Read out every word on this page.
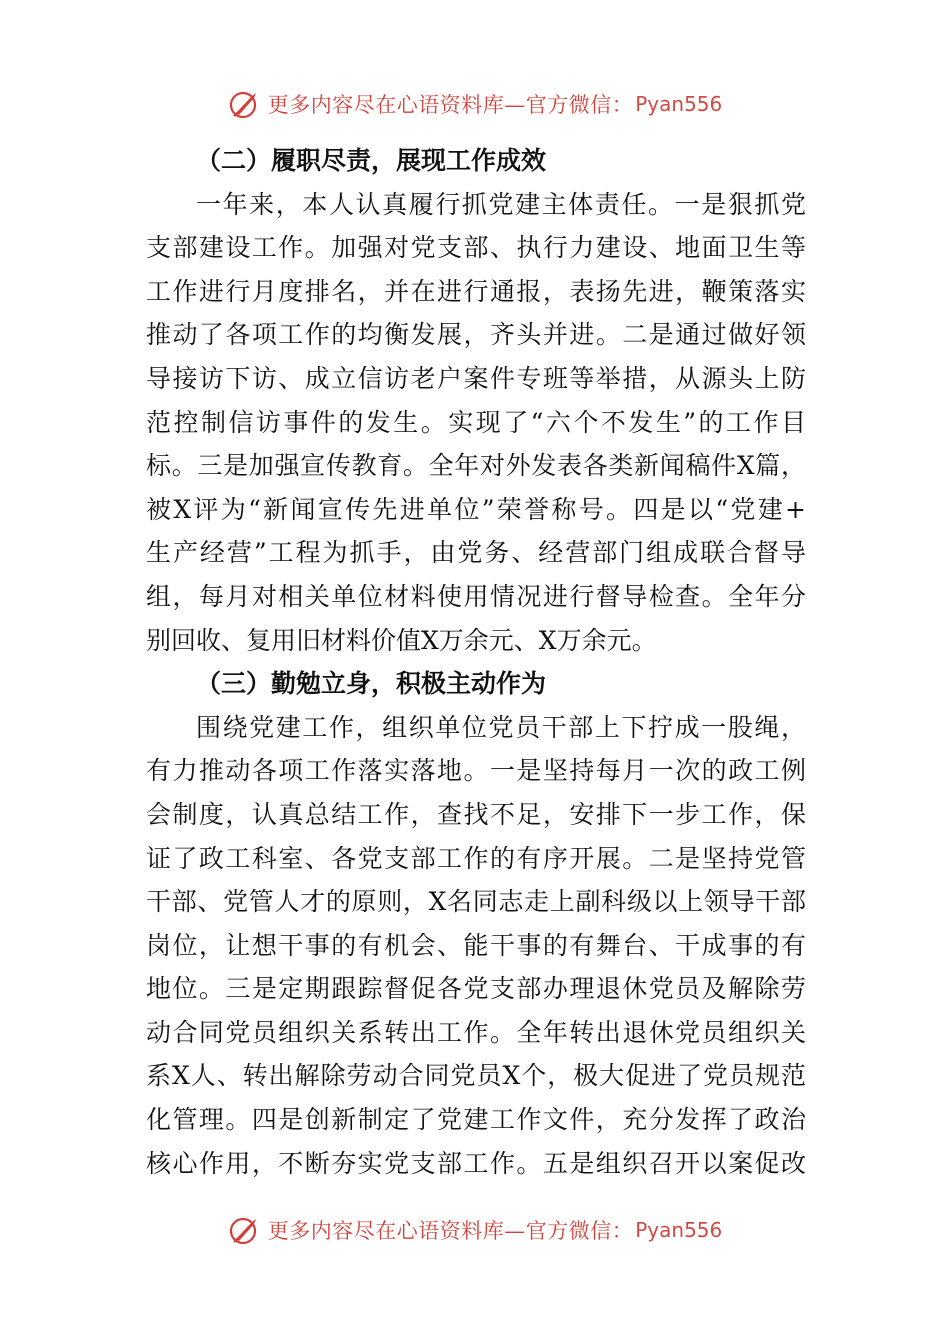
更多内容尽在心语资料库—官方微信： Pyan556
（二）履职尽责，展现工作成效
一年来，本人认真履行抓党建主体责任。一是狠抓党
支部建设工作。加强对党支部、执行力建设、地面卫生等
工作进行月度排名，并在进行通报，表扬先进，鞭策落实
推动了各项工作的均衡发展，齐头并进。二是通过做好领
导接访下访、成立信访老户案件专班等举措，从源头上防
范控制信访事件的发生。实现了“六个不发生”的工作目
标。三是加强宣传教育。全年对外发表各类新闻稿件X篇，
被X评为“新闻宣传先进单位”荣誉称号。四是以“党建+
生产经营”工程为抓手，由党务、经营部门组成联合督导
组，每月对相关单位材料使用情况进行督导检查。全年分
别回收、复用旧材料价值X万余元、X万余元。
（三）勤勉立身，积极主动作为
围绕党建工作，组织单位党员干部上下拧成一股绳，
有力推动各项工作落实落地。一是坚持每月一次的政工例
会制度，认真总结工作，查找不足，安排下一步工作，保
证了政工科室、各党支部工作的有序开展。二是坚持党管
干部、党管人才的原则，X名同志走上副科级以上领导干部
岗位，让想干事的有机会、能干事的有舞台、干成事的有
地位。三是定期跟踪督促各党支部办理退休党员及解除劳
动合同党员组织关系转出工作。全年转出退休党员组织关
系X人、转出解除劳动合同党员X个，极大促进了党员规范
化管理。四是创新制定了党建工作文件，充分发挥了政治
核心作用，不断夯实党支部工作。五是组织召开以案促改
更多内容尽在心语资料库—官方微信： Pyan556
